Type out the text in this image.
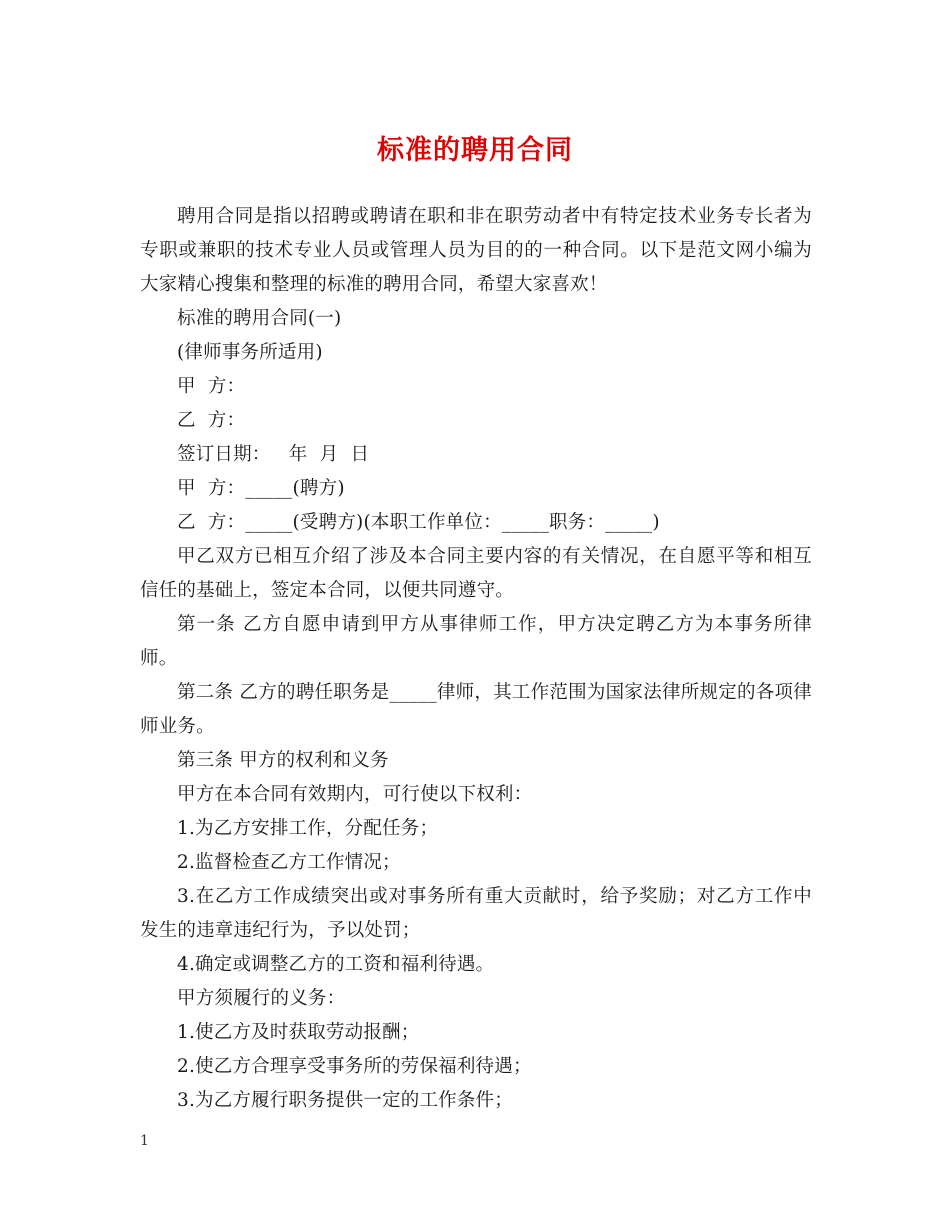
标准的聘用合同

聘用合同是指以招聘或聘请在职和非在职劳动者中有特定技术业务专长者为专职或兼职的技术专业人员或管理人员为目的的一种合同。以下是范文网小编为大家精心搜集和整理的标准的聘用合同，希望大家喜欢！

标准的聘用合同(一)

(律师事务所适用)

甲  方：

乙  方：

签订日期：   年  月  日

甲  方：_____(聘方)

乙  方：_____(受聘方)(本职工作单位：_____职务：_____)

甲乙双方已相互介绍了涉及本合同主要内容的有关情况，在自愿平等和相互信任的基础上，签定本合同，以便共同遵守。

第一条 乙方自愿申请到甲方从事律师工作，甲方决定聘乙方为本事务所律师。

第二条 乙方的聘任职务是_____律师，其工作范围为国家法律所规定的各项律师业务。

第三条 甲方的权利和义务

甲方在本合同有效期内，可行使以下权利：

1.为乙方安排工作，分配任务；

2.监督检查乙方工作情况；

3.在乙方工作成绩突出或对事务所有重大贡献时，给予奖励；对乙方工作中发生的违章违纪行为，予以处罚；

4.确定或调整乙方的工资和福利待遇。

甲方须履行的义务：

1.使乙方及时获取劳动报酬；

2.使乙方合理享受事务所的劳保福利待遇；

3.为乙方履行职务提供一定的工作条件；

1
